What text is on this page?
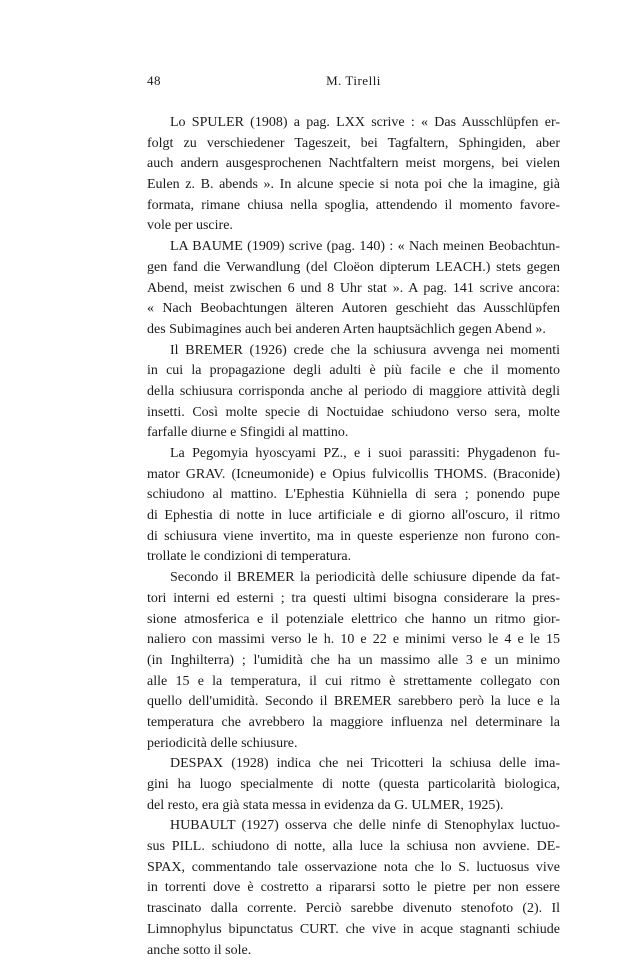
48	M. Tirelli

Lo SPULER (1908) a pag. LXX scrive : « Das Ausschlüpfen er-
folgt zu verschiedener Tageszeit, bei Tagfaltern, Sphingiden, aber
auch andern ausgesprochenen Nachtfaltern meist morgens, bei vielen
Eulen z. B. abends ». In alcune specie si nota poi che la imagine, già
formata, rimane chiusa nella spoglia, attendendo il momento favore-
vole per uscire.

LA BAUME (1909) scrive (pag. 140) : « Nach meinen Beobachtun-
gen fand die Verwandlung (del Cloëon dipterum LEACH.) stets gegen
Abend, meist zwischen 6 und 8 Uhr stat ». A pag. 141 scrive ancora:
« Nach Beobachtungen älteren Autoren geschieht das Ausschlüpfen
des Subimagines auch bei anderen Arten hauptsächlich gegen Abend ».

Il BREMER (1926) crede che la schiusura avvenga nei momenti
in cui la propagazione degli adulti è più facile e che il momento
della schiusura corrisponda anche al periodo di maggiore attività degli
insetti. Così molte specie di Noctuidae schiudono verso sera, molte
farfalle diurne e Sfingidi al mattino.

La Pegomyia hyoscyami PZ., e i suoi parassiti: Phygadenon fu-
mator GRAV. (Icneumonide) e Opius fulvicollis THOMS. (Braconide)
schiudono al mattino. L'Ephestia Kühniella di sera ; ponendo pupe
di Ephestia di notte in luce artificiale e di giorno all'oscuro, il ritmo
di schiusura viene invertito, ma in queste esperienze non furono con-
trollate le condizioni di temperatura.

Secondo il BREMER la periodicità delle schiusure dipende da fat-
tori interni ed esterni ; tra questi ultimi bisogna considerare la pres-
sione atmosferica e il potenziale elettrico che hanno un ritmo gior-
naliero con massimi verso le h. 10 e 22 e minimi verso le 4 e le 15
(in Inghilterra) ; l'umidità che ha un massimo alle 3 e un minimo
alle 15 e la temperatura, il cui ritmo è strettamente collegato con
quello dell'umidità. Secondo il BREMER sarebbero però la luce e la
temperatura che avrebbero la maggiore influenza nel determinare la
periodicità delle schiusure.

DESPAX (1928) indica che nei Tricotteri la schiusa delle ima-
gini ha luogo specialmente di notte (questa particolarità biologica,
del resto, era già stata messa in evidenza da G. ULMER, 1925).

HUBAULT (1927) osserva che delle ninfe di Stenophylax luctuo-
sus PILL. schiudono di notte, alla luce la schiusa non avviene. DE-
SPAX, commentando tale osservazione nota che lo S. luctuosus vive
in torrenti dove è costretto a ripararsi sotto le pietre per non essere
trascinato dalla corrente. Perciò sarebbe divenuto stenofoto (2). Il
Limnophylus bipunctatus CURT. che vive in acque stagnanti schiude
anche sotto il sole.
